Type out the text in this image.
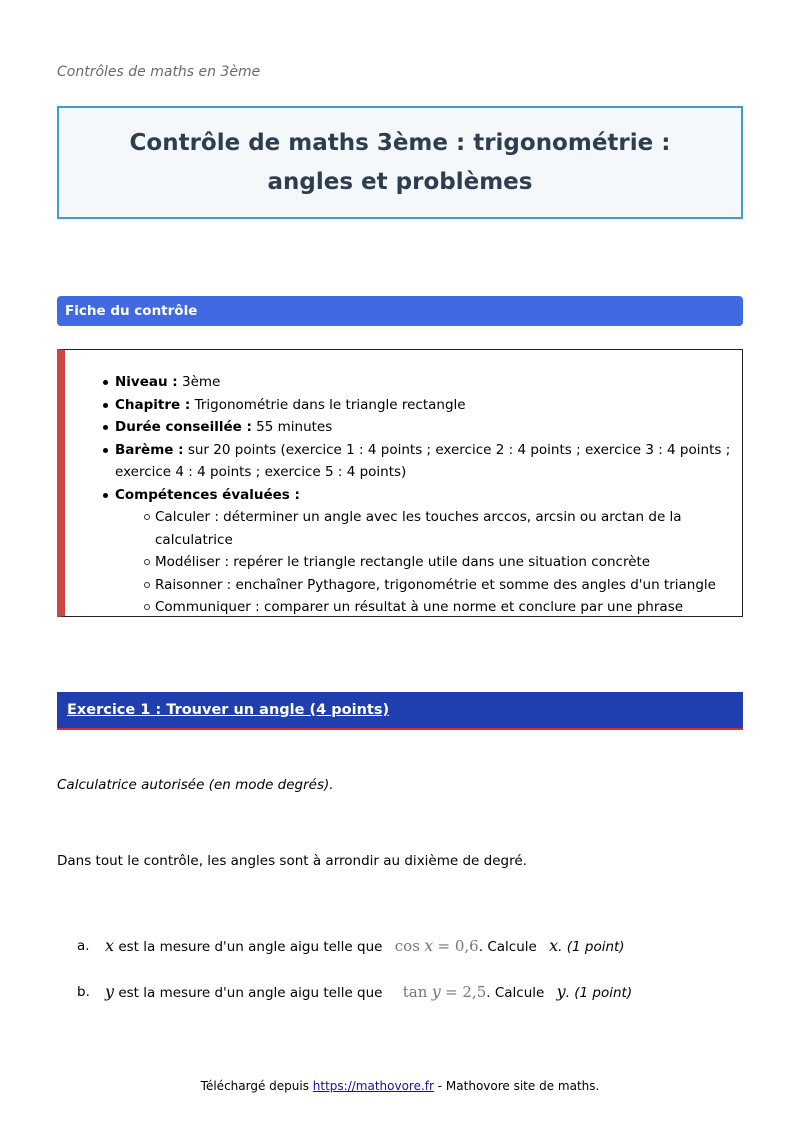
Contrôles de maths en 3ème
Contrôle de maths 3ème : trigonométrie : angles et problèmes
Fiche du contrôle
Niveau : 3ème
Chapitre : Trigonométrie dans le triangle rectangle
Durée conseillée : 55 minutes
Barème : sur 20 points (exercice 1 : 4 points ; exercice 2 : 4 points ; exercice 3 : 4 points ; exercice 4 : 4 points ; exercice 5 : 4 points)
Compétences évaluées :
Calculer : déterminer un angle avec les touches arccos, arcsin ou arctan de la calculatrice
Modéliser : repérer le triangle rectangle utile dans une situation concrète
Raisonner : enchaîner Pythagore, trigonométrie et somme des angles d'un triangle
Communiquer : comparer un résultat à une norme et conclure par une phrase
Exercice 1 : Trouver un angle (4 points)
Calculatrice autorisée (en mode degrés).
Dans tout le contrôle, les angles sont à arrondir au dixième de degré.
a. x est la mesure d'un angle aigu telle que cos x = 0,6. Calcule x. (1 point)
b. y est la mesure d'un angle aigu telle que tan y = 2,5. Calcule y. (1 point)
Téléchargé depuis https://mathovore.fr - Mathovore site de maths.
